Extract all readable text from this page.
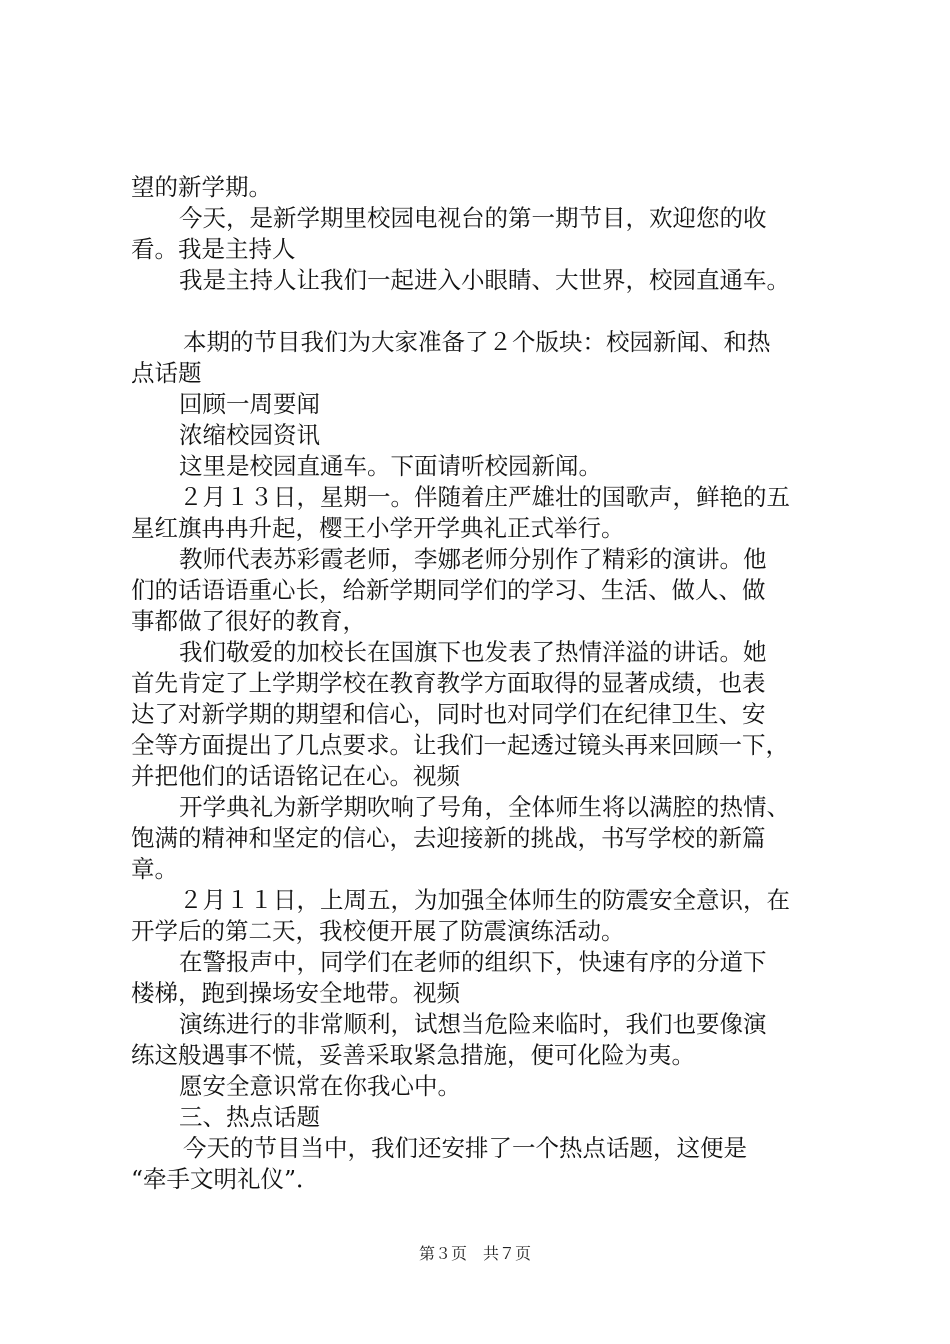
望的新学期。
今天，是新学期里校园电视台的第一期节目，欢迎您的收
看。我是主持人
我是主持人让我们一起进入小眼睛、大世界，校园直通车。
本期的节目我们为大家准备了２个版块：校园新闻、和热
点话题
回顾一周要闻
浓缩校园资讯
这里是校园直通车。下面请听校园新闻。
２月１３日，星期一。伴随着庄严雄壮的国歌声，鲜艳的五
星红旗冉冉升起，樱王小学开学典礼正式举行。
教师代表苏彩霞老师，李娜老师分别作了精彩的演讲。他
们的话语语重心长，给新学期同学们的学习、生活、做人、做
事都做了很好的教育，
我们敬爱的加校长在国旗下也发表了热情洋溢的讲话。她
首先肯定了上学期学校在教育教学方面取得的显著成绩，也表
达了对新学期的期望和信心，同时也对同学们在纪律卫生、安
全等方面提出了几点要求。让我们一起透过镜头再来回顾一下，
并把他们的话语铭记在心。视频
开学典礼为新学期吹响了号角，全体师生将以满腔的热情、
饱满的精神和坚定的信心，去迎接新的挑战，书写学校的新篇
章。
２月１１日，上周五，为加强全体师生的防震安全意识，在
开学后的第二天，我校便开展了防震演练活动。
在警报声中，同学们在老师的组织下，快速有序的分道下
楼梯，跑到操场安全地带。视频
演练进行的非常顺利，试想当危险来临时，我们也要像演
练这般遇事不慌，妥善采取紧急措施，便可化险为夷。
愿安全意识常在你我心中。
三、热点话题
今天的节目当中，我们还安排了一个热点话题，这便是
“牵手文明礼仪”．
第３页　共７页
